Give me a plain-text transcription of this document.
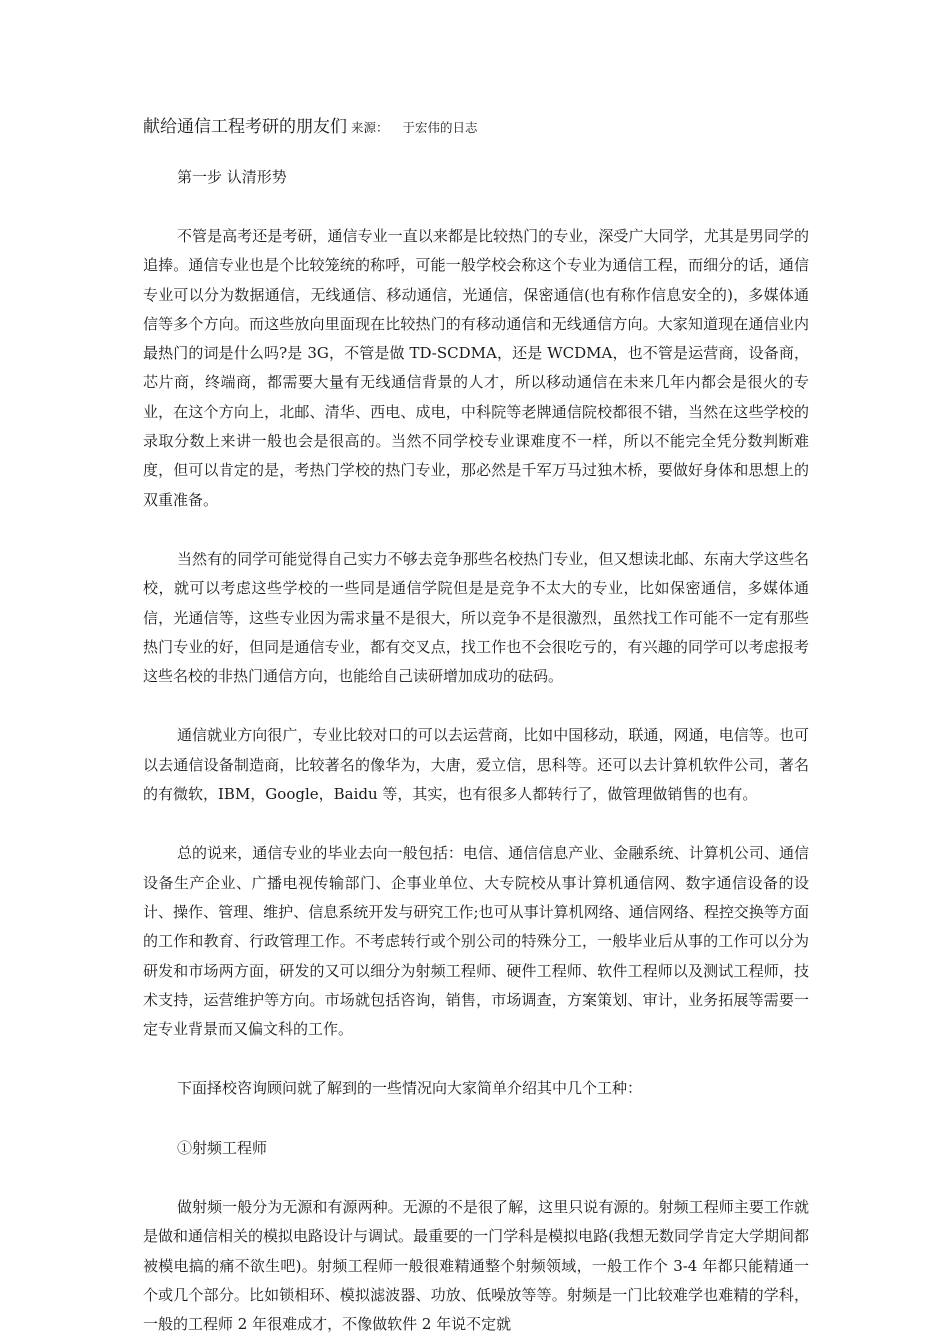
献给通信工程考研的朋友们 来源： 于宏伟的日志

第一步 认清形势

不管是高考还是考研，通信专业一直以来都是比较热门的专业，深受广大同学，尤其是男同学的追捧。通信专业也是个比较笼统的称呼，可能一般学校会称这个专业为通信工程，而细分的话，通信专业可以分为数据通信，无线通信、移动通信，光通信，保密通信(也有称作信息安全的)，多媒体通信等多个方向。而这些放向里面现在比较热门的有移动通信和无线通信方向。大家知道现在通信业内最热门的词是什么吗?是 3G，不管是做 TD-SCDMA，还是 WCDMA，也不管是运营商，设备商，芯片商，终端商，都需要大量有无线通信背景的人才，所以移动通信在未来几年内都会是很火的专业，在这个方向上，北邮、清华、西电、成电，中科院等老牌通信院校都很不错，当然在这些学校的录取分数上来讲一般也会是很高的。当然不同学校专业课难度不一样，所以不能完全凭分数判断难度，但可以肯定的是，考热门学校的热门专业，那必然是千军万马过独木桥，要做好身体和思想上的双重准备。

当然有的同学可能觉得自己实力不够去竞争那些名校热门专业，但又想读北邮、东南大学这些名校，就可以考虑这些学校的一些同是通信学院但是是竞争不太大的专业，比如保密通信，多媒体通信，光通信等，这些专业因为需求量不是很大，所以竞争不是很激烈，虽然找工作可能不一定有那些热门专业的好，但同是通信专业，都有交叉点，找工作也不会很吃亏的，有兴趣的同学可以考虑报考这些名校的非热门通信方向，也能给自己读研增加成功的砝码。

通信就业方向很广，专业比较对口的可以去运营商，比如中国移动，联通，网通，电信等。也可以去通信设备制造商，比较著名的像华为，大唐，爱立信，思科等。还可以去计算机软件公司，著名的有微软，IBM，Google，Baidu 等，其实，也有很多人都转行了，做管理做销售的也有。

总的说来，通信专业的毕业去向一般包括：电信、通信信息产业、金融系统、计算机公司、通信设备生产企业、广播电视传输部门、企事业单位、大专院校从事计算机通信网、数字通信设备的设计、操作、管理、维护、信息系统开发与研究工作;也可从事计算机网络、通信网络、程控交换等方面的工作和教育、行政管理工作。不考虑转行或个别公司的特殊分工，一般毕业后从事的工作可以分为研发和市场两方面，研发的又可以细分为射频工程师、硬件工程师、软件工程师以及测试工程师，技术支持，运营维护等方向。市场就包括咨询，销售，市场调查，方案策划、审计，业务拓展等需要一定专业背景而又偏文科的工作。

下面择校咨询顾问就了解到的一些情况向大家简单介绍其中几个工种：

①射频工程师

做射频一般分为无源和有源两种。无源的不是很了解，这里只说有源的。射频工程师主要工作就是做和通信相关的模拟电路设计与调试。最重要的一门学科是模拟电路(我想无数同学肯定大学期间都被模电搞的痛不欲生吧)。射频工程师一般很难精通整个射频领域，一般工作个 3-4 年都只能精通一个或几个部分。比如锁相环、模拟滤波器、功放、低噪放等等。射频是一门比较难学也难精的学科，一般的工程师 2 年很难成才，不像做软件 2 年说不定就
